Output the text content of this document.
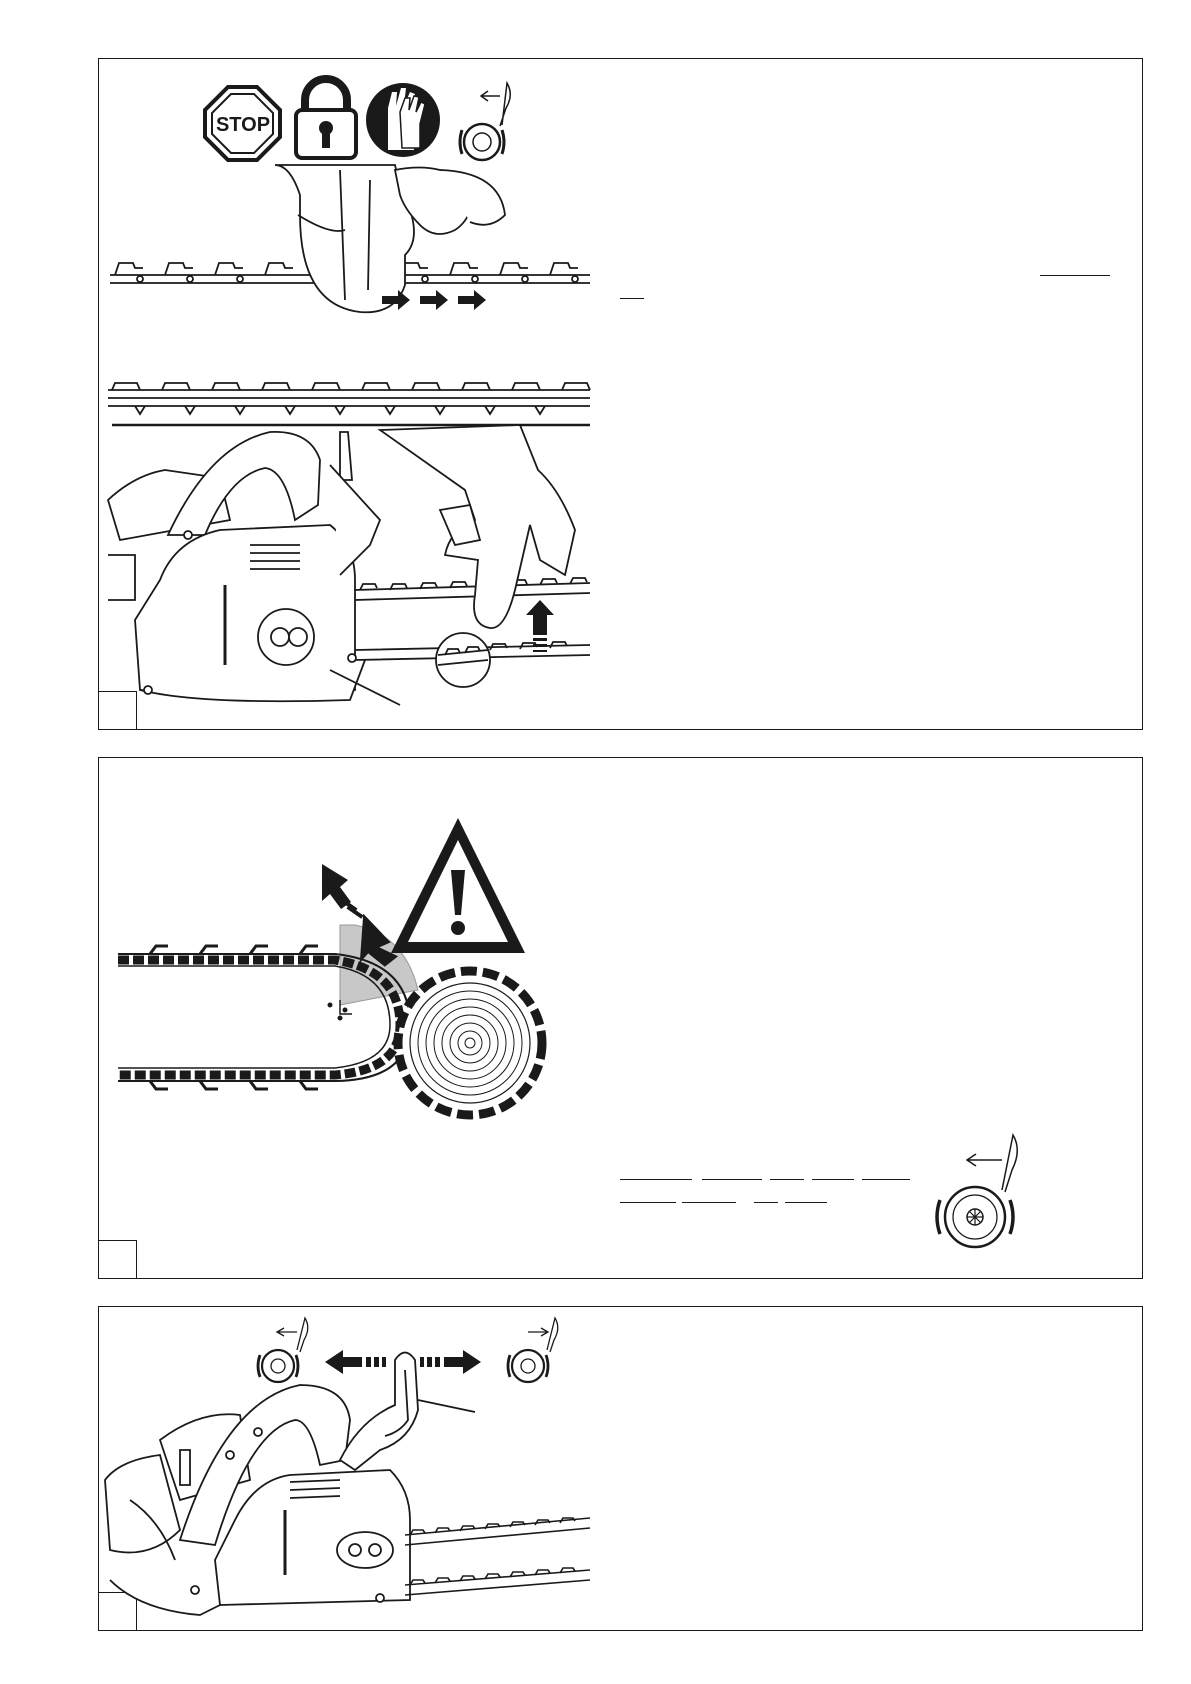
STOP
